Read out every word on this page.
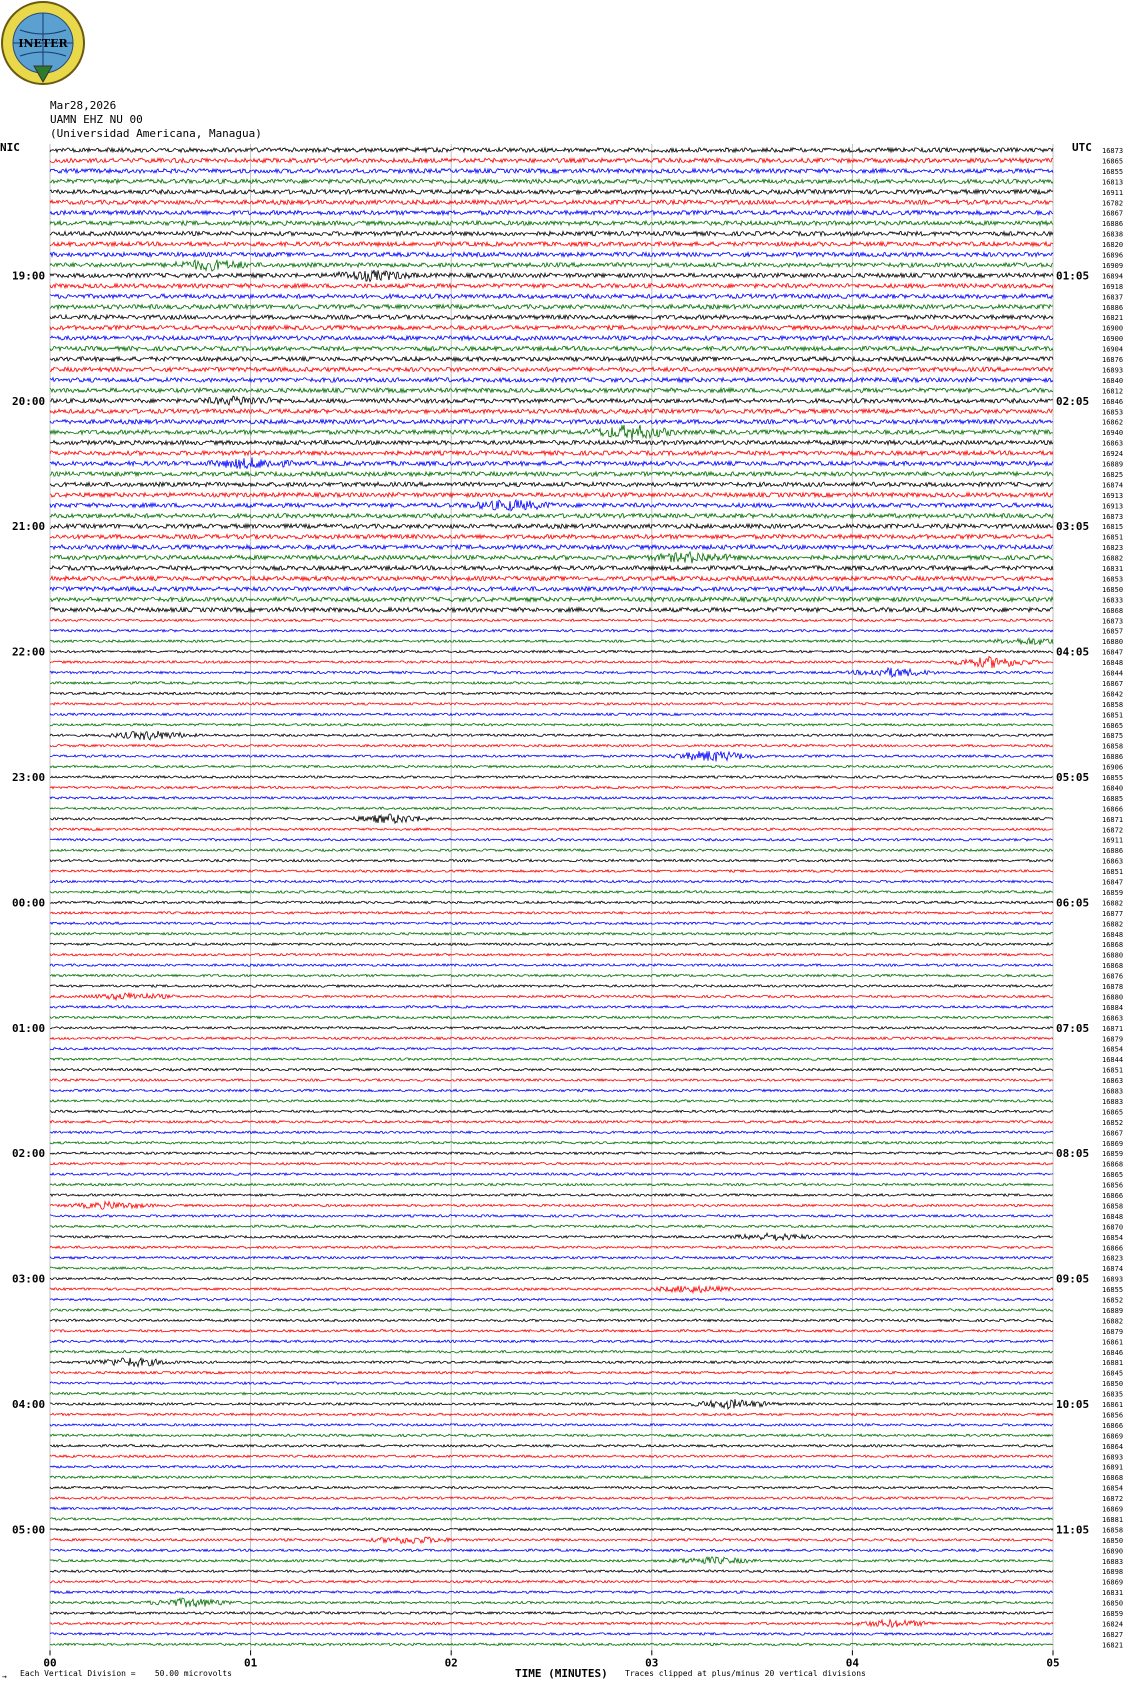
INETER
Mar28,2026
UAMN EHZ NU 00
(Universidad Americana, Managua)
NIC	UTC 16873
16865
16855
16813
16911
16782
16867
16886
16838
16820
16896
16909
16894
16918
16837
16886
16821
16900
16900
16904
16876
16893
16840
16812
16846
16853
16862
16940
16863
16924
16889
16825
16874
16913
16913
16873
16815
16851
16823
16882
16831
16853
16850
16833
16868
16873
16857
16880
16847
16848
16844
16867
16842
16858
16851
16865
16875
16858
16886
16906
16855
16840
16885
16866
16871
16872
16911
16886
16863
16851
16847
16859
16882
16877
16882
16848
16868
16880
16868
16876
16878
16880
16884
16863
16871
16879
16854
16844
16851
16863
16883
16883
16865
16852
16867
16869
16859
16868
16865
16856
16866
16858
16848
16870
16854
16866
16823
16874
16893
16855
16852
16889
16882
16879
16861
16846
16881
16845
16850
16835
16861
16856
16866
16869
16864
16893
16891
16868
16854
16872
16869
16881
16858
16850
16890
16883
16898
16869
16831
16850
16859
16824
16827
16821
19:00
20:00
21:00
22:00
23:00
00:00
01:00
02:00
03:00
04:00
05:00
01:05
02:05
03:05
04:05
05:05
06:05
07:05
08:05
09:05
10:05
11:05
00	01	02	03	04	05
→ Each Vertical Division =    50.00 microvolts	TIME (MINUTES) Traces clipped at plus/minus 20 vertical divisions
